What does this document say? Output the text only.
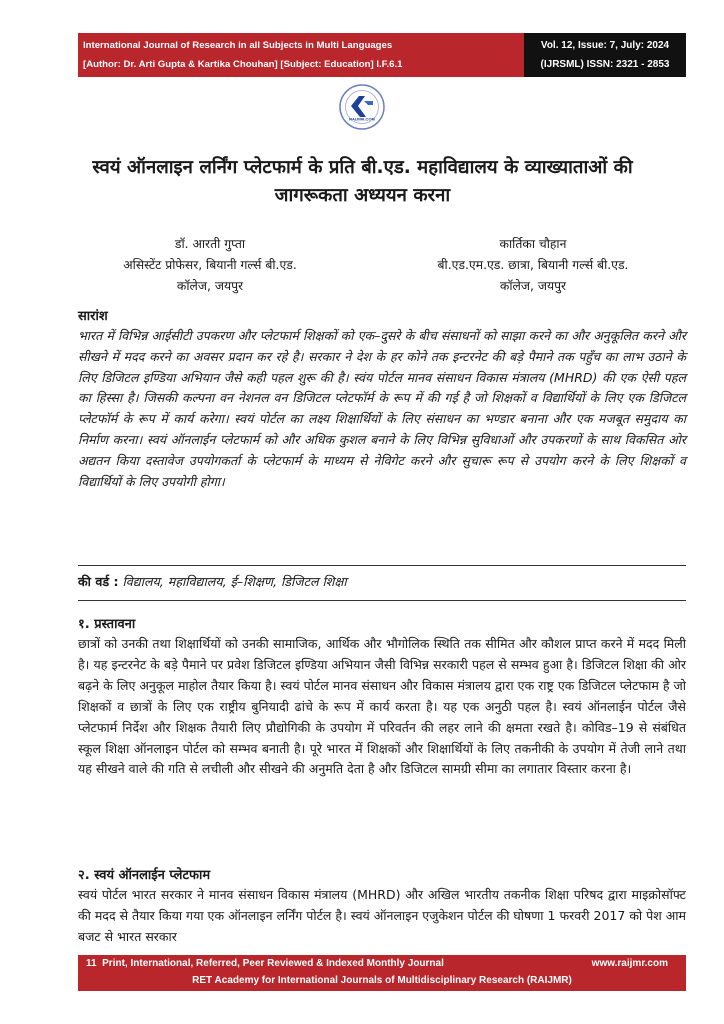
International Journal of Research in all Subjects in Multi Languages
[Author: Dr. Arti Gupta & Kartika Chouhan] [Subject: Education] I.F.6.1
Vol. 12, Issue: 7, July: 2024
(IJRSML) ISSN: 2321 - 2853
RAIJMR.COM
स्वयं ऑनलाइन लर्निंग प्लेटफार्म के प्रति बी.एड. महाविद्यालय के व्याख्याताओं की जागरूकता अध्ययन करना
डॉ. आरती गुप्ता
असिस्टेंट प्रोफेसर, बियानी गर्ल्स बी.एड.
कॉलेज, जयपुर
कार्तिका चौहान
बी.एड.एम.एड. छात्रा, बियानी गर्ल्स बी.एड.
कॉलेज, जयपुर
सारांश

भारत में विभिन्न आईसीटी उपकरण और प्लेटफार्म शिक्षकों को एक–दुसरे के बीच संसाधनों को साझा करने का और अनुकूलित करने और सीखने में मदद करने का अवसर प्रदान कर रहे है। सरकार ने देश के हर कोने तक इन्टरनेट की बड़े पैमाने तक पहुँच का लाभ उठाने के लिए डिजिटल इण्डिया अभियान जैसे कही पहल शुरू की है। स्वंय पोर्टल मानव संसाधन विकास मंत्रालय (MHRD) की एक ऐसी पहल का हिस्सा है। जिसकी कल्पना वन नेशनल वन डिजिटल प्लेटफॉर्म के रूप में की गई है जो शिक्षकों व विद्यार्थियों के लिए एक डिजिटल प्लेटफॉर्म के रूप में कार्य करेगा। स्वयं पोर्टल का लक्ष्य शिक्षार्थियों के लिए संसाधन का भण्डार बनाना और एक मजबूत समुदाय का निर्माण करना। स्वयं ऑनलाईन प्लेटफार्म को और अधिक कुशल बनाने के लिए विभिन्न सुविधाओं और उपकरणों के साथ विकसित ओर अद्यतन किया दस्तावेज उपयोगकर्ता के प्लेटफार्म के माध्यम से नेविगेट करने और सुचारू रूप से उपयोग करने के लिए शिक्षकों व विद्यार्थियों के लिए उपयोगी होगा।

की वर्ड : विद्यालय, महाविद्यालय, ई–शिक्षण, डिजिटल शिक्षा

१. प्रस्तावना

छात्रों को उनकी तथा शिक्षार्थियों को उनकी सामाजिक, आर्थिक और भौगोलिक स्थिति तक सीमित और कौशल प्राप्त करने में मदद मिली है। यह इन्टरनेट के बड़े पैमाने पर प्रवेश डिजिटल इण्डिया अभियान जैसी विभिन्न सरकारी पहल से सम्भव हुआ है। डिजिटल शिक्षा की ओर बढ़ने के लिए अनुकूल माहोल तैयार किया है। स्वयं पोर्टल मानव संसाधन और विकास मंत्रालय द्वारा एक राष्ट्र एक डिजिटल प्लेटफाम है जो शिक्षकों व छात्रों के लिए एक राष्ट्रीय बुनियादी ढांचे के रूप में कार्य करता है। यह एक अनुठी पहल है। स्वयं ऑनलाईन पोर्टल जैसे प्लेटफार्म निर्देश और शिक्षक तैयारी लिए प्रौद्योगिकी के उपयोग में परिवर्तन की लहर लाने की क्षमता रखते है। कोविड–19 से संबंधित स्कूल शिक्षा ऑनलाइन पोर्टल को सम्भव बनाती है। पूरे भारत में शिक्षकों और शिक्षार्थियों के लिए तकनीकी के उपयोग में तेजी लाने तथा यह सीखने वाले की गति से लचीली और सीखने की अनुमति देता है और डिजिटल सामग्री सीमा का लगातार विस्तार करना है।

२. स्वयं ऑनलाईन प्लेटफाम

स्वयं पोर्टल भारत सरकार ने मानव संसाधन विकास मंत्रालय (MHRD) और अखिल भारतीय तकनीक शिक्षा परिषद द्वारा माइक्रोसॉफ्ट की मदद से तैयार किया गया एक ऑनलाइन लर्निंग पोर्टल है। स्वयं ऑनलाइन एजुकेशन पोर्टल की घोषणा 1 फरवरी 2017 को पेश आम बजट से भारत सरकार

11 Print, International, Referred, Peer Reviewed & Indexed Monthly Journal	www.raijmr.com
RET Academy for International Journals of Multidisciplinary Research (RAIJMR)
